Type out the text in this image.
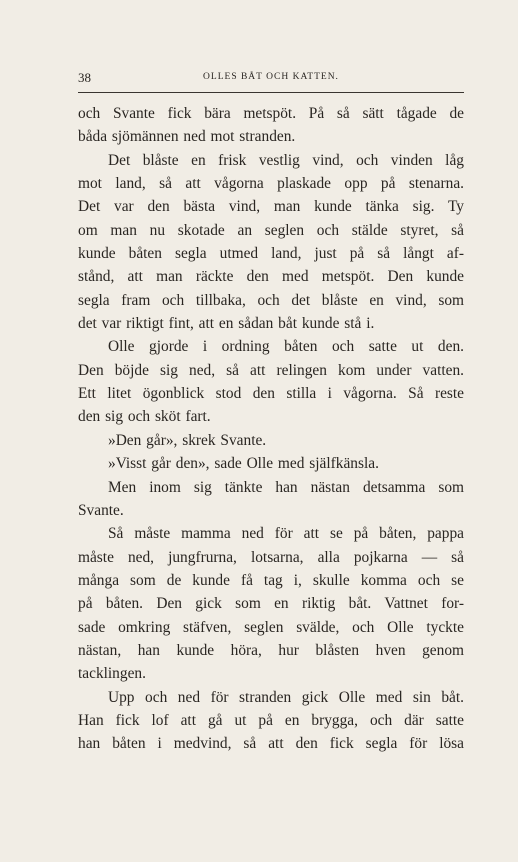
38	OLLES BÅT OCH KATTEN.
och Svante fick bära metspöt. På så sätt tågade de
båda sjömännen ned mot stranden.
Det blåste en frisk vestlig vind, och vinden låg
mot land, så att vågorna plaskade opp på stenarna.
Det var den bästa vind, man kunde tänka sig. Ty
om man nu skotade an seglen och stälde styret, så
kunde båten segla utmed land, just på så långt af-
stånd, att man räckte den med metspöt. Den kunde
segla fram och tillbaka, och det blåste en vind, som
det var riktigt fint, att en sådan båt kunde stå i.
Olle gjorde i ordning båten och satte ut den.
Den böjde sig ned, så att relingen kom under vatten.
Ett litet ögonblick stod den stilla i vågorna. Så reste
den sig och sköt fart.
»Den går», skrek Svante.
»Visst går den», sade Olle med själfkänsla.
Men inom sig tänkte han nästan detsamma som
Svante.
Så måste mamma ned för att se på båten, pappa
måste ned, jungfrurna, lotsarna, alla pojkarna — så
många som de kunde få tag i, skulle komma och se
på båten. Den gick som en riktig båt. Vattnet for-
sade omkring stäfven, seglen svälde, och Olle tyckte
nästan, han kunde höra, hur blåsten hven genom
tacklingen.
Upp och ned för stranden gick Olle med sin båt.
Han fick lof att gå ut på en brygga, och där satte
han båten i medvind, så att den fick segla för lösa
